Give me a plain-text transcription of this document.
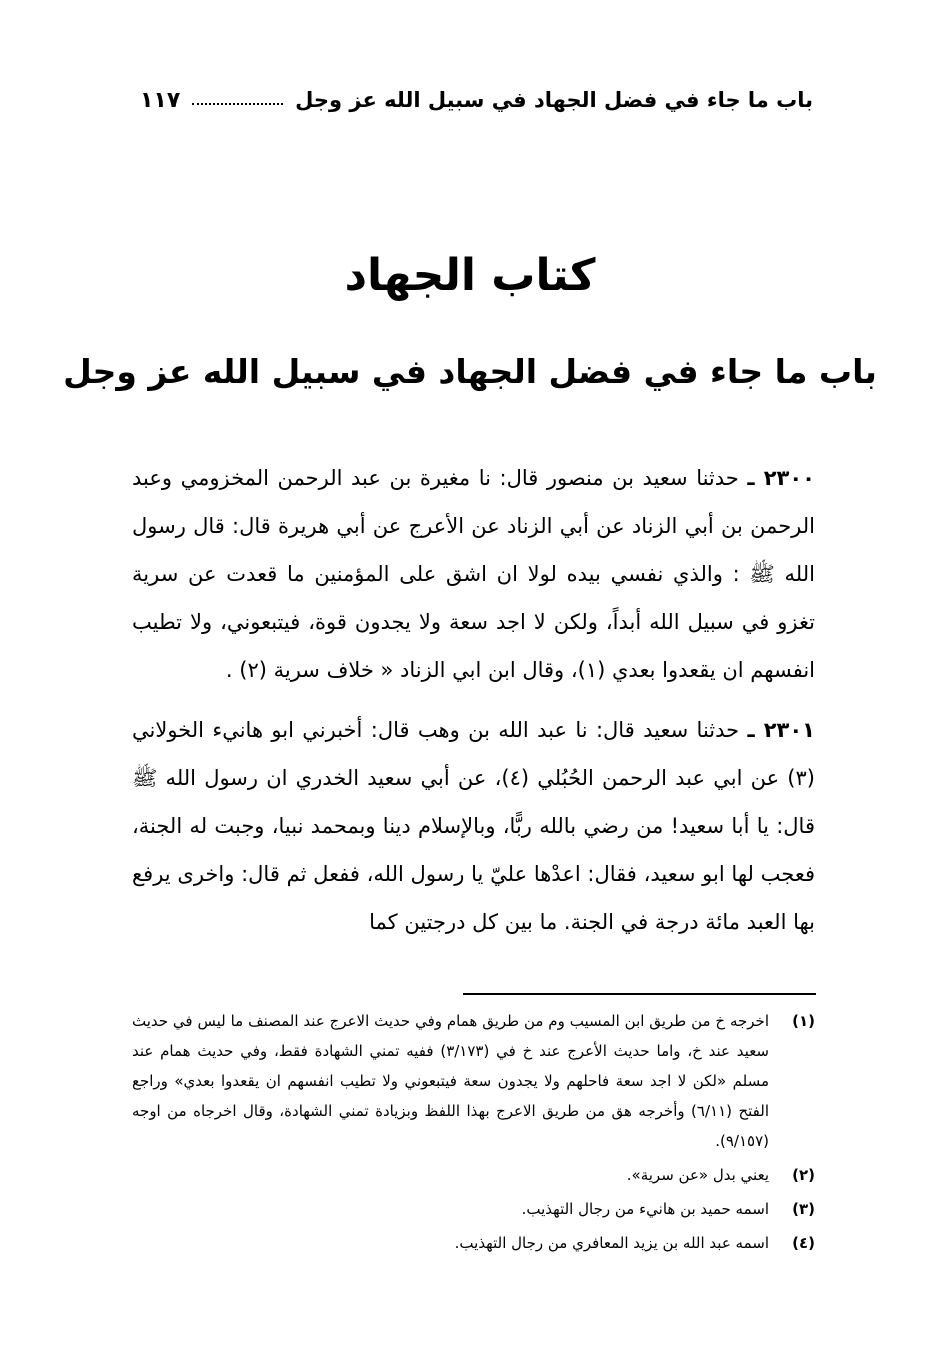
باب ما جاء في فضل الجهاد في سبيل الله عز وجل
١١٧
كتاب الجهاد
باب ما جاء في فضل الجهاد في سبيل الله عز وجل

٢٣٠٠ ـ حدثنا سعيد بن منصور قال: نا مغيرة بن عبد الرحمن المخزومي وعبد الرحمن بن أبي الزناد عن أبي الزناد عن الأعرج عن أبي هريرة قال: قال رسول الله ﷺ : والذي نفسي بيده لولا ان اشق على المؤمنين ما قعدت عن سرية تغزو في سبيل الله أبداً، ولكن لا اجد سعة ولا يجدون قوة، فيتبعوني، ولا تطيب انفسهم ان يقعدوا بعدي (١)، وقال ابن ابي الزناد « خلاف سرية (٢) .

٢٣٠١ ـ حدثنا سعيد قال: نا عبد الله بن وهب قال: أخبرني ابو هانيء الخولاني (٣) عن ابي عبد الرحمن الحُبُلي (٤)، عن أبي سعيد الخدري ان رسول الله ﷺ قال: يا أبا سعيد! من رضي بالله ربًّا، وبالإسلام دينا وبمحمد نبيا، وجبت له الجنة، فعجب لها ابو سعيد، فقال: اعدْها عليّ يا رسول الله، ففعل ثم قال: واخرى يرفع بها العبد مائة درجة في الجنة. ما بين كل درجتين كما

(١)
اخرجه خ من طريق ابن المسيب وم من طريق همام وفي حديث الاعرج عند المصنف ما ليس في حديث سعيد عند خ، واما حديث الأعرج عند خ في (٣/١٧٣) ففيه تمني الشهادة فقط، وفي حديث همام عند مسلم «لكن لا اجد سعة فاحلهم ولا يجدون سعة فيتبعوني ولا تطيب انفسهم ان يقعدوا بعدي» وراجع الفتح (٦/١١) وأخرجه هق من طريق الاعرج بهذا اللفظ وبزيادة تمني الشهادة، وقال اخرجاه من اوجه (٩/١٥٧).
(٢)
يعني بدل «عن سرية».
(٣)
اسمه حميد بن هانيء من رجال التهذيب.
(٤)
اسمه عبد الله بن يزيد المعافري من رجال التهذيب.
